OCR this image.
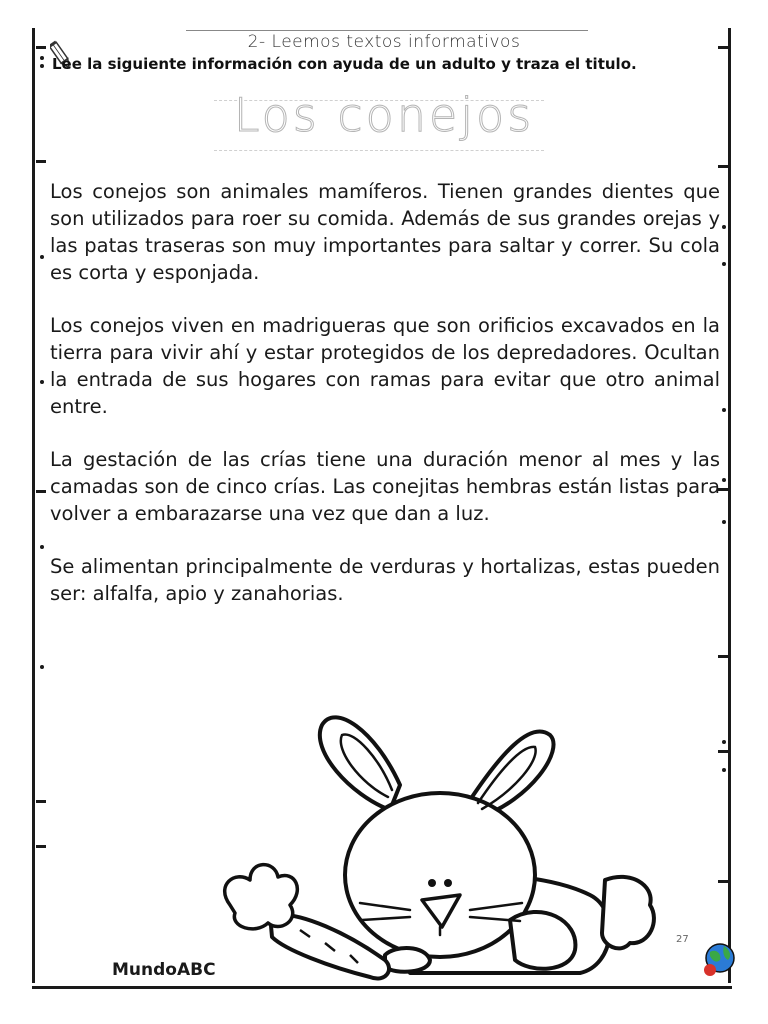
2- Leemos textos informativos
Lee la siguiente información con ayuda de un adulto y traza el titulo.
Los conejos

Los conejos son animales mamíferos. Tienen grandes dientes que son utilizados para roer su comida. Además de sus grandes orejas y las patas traseras son muy importantes para saltar y correr. Su cola es corta y esponjada.

Los conejos viven en madrigueras que son orificios excavados en la tierra para vivir ahí y estar protegidos de los depredadores. Ocultan la entrada de sus hogares con ramas para evitar que otro animal entre.

La gestación de las crías tiene una duración menor al mes y las camadas son de cinco crías. Las conejitas hembras están listas para volver a embarazarse una vez que dan a luz.

Se alimentan principalmente de verduras y hortalizas, estas pueden ser: alfalfa, apio y zanahorias.

MundoABC
27
